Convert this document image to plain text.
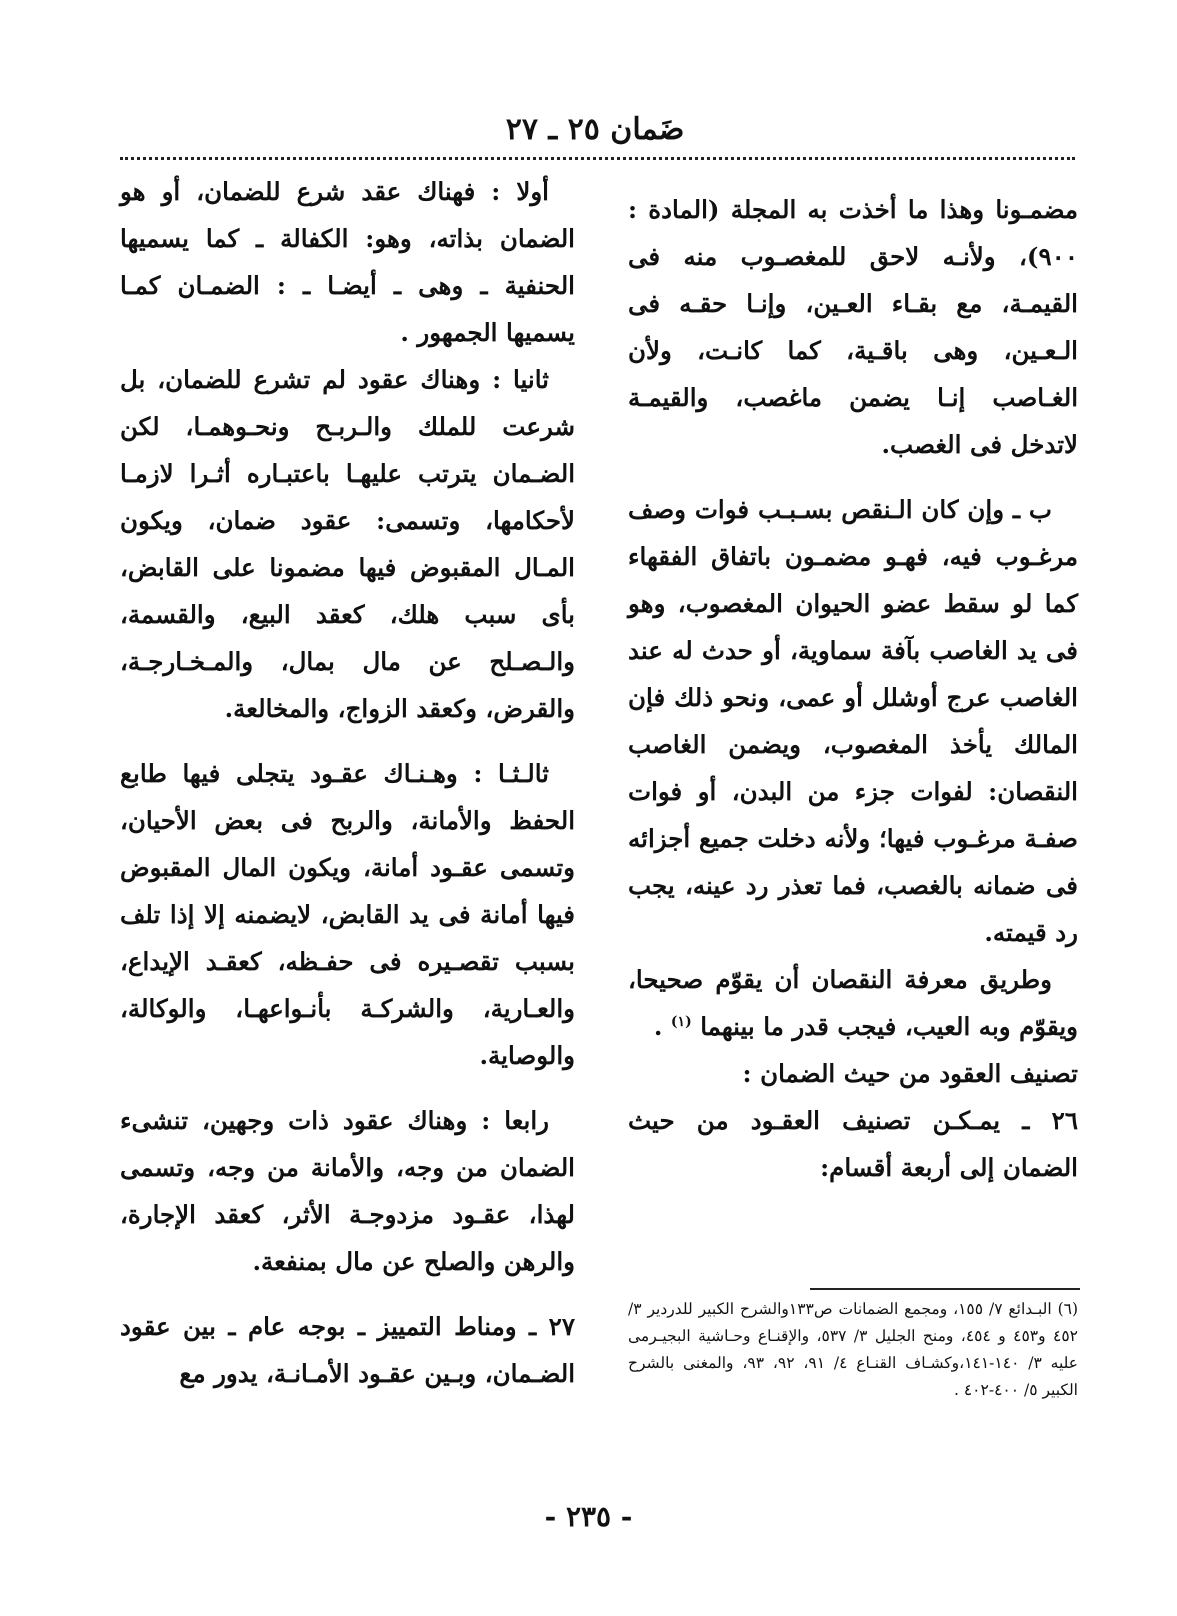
ضَمان ٢٥ ـ ٢٧

مضمـونا وهذا ما أخذت به المجلة (المادة : ٩٠٠)، ولأنـه لاحق للمغصـوب منه فى القيمـة، مع بقـاء العـين، وإنـا حقـه فى الـعـين، وهى باقـية، كما كانـت، ولأن الغـاصب إنـا يضمن ماغصب، والقيمـة لاتدخل فى الغصب.

ب ـ وإن كان الـنقص بسـبـب فوات وصف مرغـوب فيه، فهـو مضمـون باتفاق الفقهاء كما لو سقط عضو الحيوان المغصوب، وهو فى يد الغاصب بآفة سماوية، أو حدث له عند الغاصب عرج أوشلل أو عمى، ونحو ذلك فإن المالك يأخذ المغصوب، ويضمن الغاصب النقصان: لفوات جزء من البدن، أو فوات صفـة مرغـوب فيها؛ ولأنه دخلت جميع أجزائه فى ضمانه بالغصب، فما تعذر رد عينه، يجب رد قيمته.

وطريق معرفة النقصان أن يقوّم صحيحا، ويقوّم وبه العيب، فيجب قدر ما بينهما $^{(١)}$ .

تصنيف العقود من حيث الضمان :

٢٦ ـ يمـكـن تصنيف العقـود من حيث الضمان إلى أربعة أقسام:

أولا : فهناك عقد شرع للضمان، أو هو الضمان بذاته، وهو: الكفالة ـ كما يسميها الحنفية ـ وهى ـ أيضـا ـ : الضمـان كمـا يسميها الجمهور .

ثانيا : وهناك عقود لم تشرع للضمان، بل شرعت للملك والـربـح ونحـوهمـا، لكن الضـمان يترتب عليهـا باعتبـاره أثـرا لازمـا لأحكامها، وتسمى: عقود ضمان، ويكون المـال المقبوض فيها مضمونا على القابض، بأى سبب هلك، كعقد البيع، والقسمة، والـصـلح عن مال بمال، والمـخـارجـة، والقرض، وكعقد الزواج، والمخالعة.

ثالـثـا : وهـنـاك عقـود يتجلى فيها طابع الحفظ والأمانة، والربح فى بعض الأحيان، وتسمى عقـود أمانة، ويكون المال المقبوض فيها أمانة فى يد القابض، لايضمنه إلا إذا تلف بسبب تقصـيره فى حفـظه، كعقـد الإيداع، والعـارية، والشركـة بأنـواعهـا، والوكالة، والوصاية.

رابعا : وهناك عقود ذات وجهين، تنشىء الضمان من وجه، والأمانة من وجه، وتسمى لهذا، عقـود مزدوجـة الأثر، كعقد الإجارة، والرهن والصلح عن مال بمنفعة.

٢٧ ـ ومناط التمييز ـ بوجه عام ـ بين عقود الضـمان، وبـين عقـود الأمـانـة، يدور مع

(٦) البـدائع ٧/ ١٥٥، ومجمع الضمانات ص١٣٣والشرح الكبير للدردير ٣/ ٤٥٢ و٤٥٣ و ٤٥٤، ومنح الجليل ٣/ ٥٣٧، والإقنـاع وحـاشية البجيـرمى عليه ٣/ ١٤٠-١٤١،وكشـاف القنـاع ٤/ ٩١، ٩٢، ٩٣، والمغنى بالشرح الكبير ٥/ ٤٠٠-٤٠٢ .

- ٢٣٥ -
